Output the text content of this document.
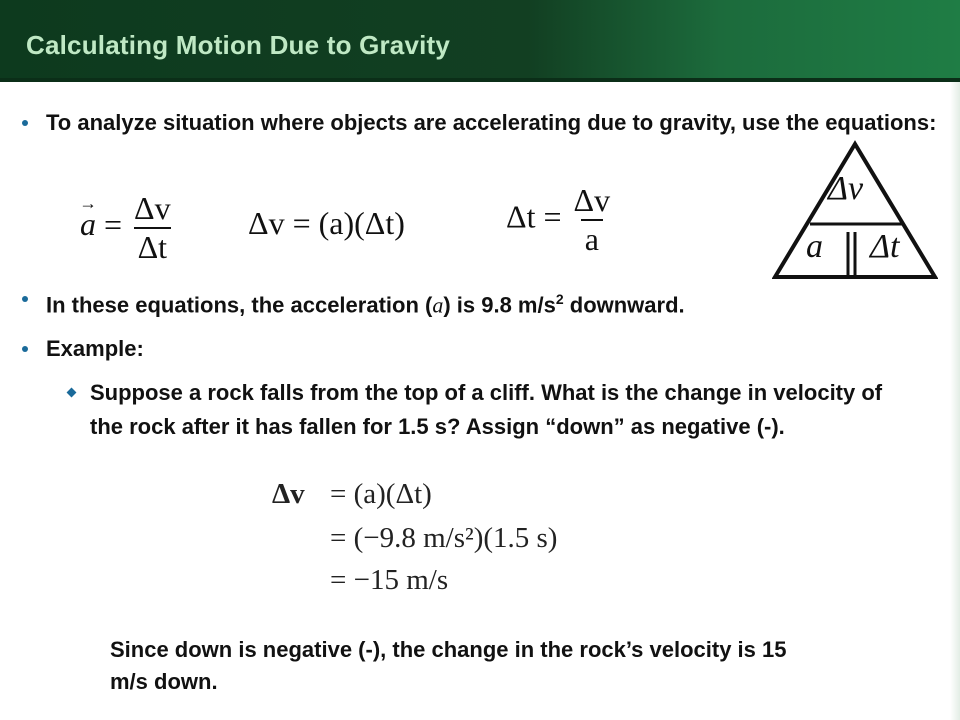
Calculating Motion Due to Gravity
To analyze situation where objects are accelerating due to gravity, use the equations:
→ $a = \frac{\Delta v}{\Delta t}$ Δv = (a)(Δt)	$\Delta t = \frac{\Delta v}{a}$	Δv
a Δt
In these equations, the acceleration (a) is 9.8 $m/s^2$ downward.
Example:
Suppose a rock falls from the top of a cliff. What is the change in velocity of the rock after it has fallen for 1.5 s? Assign “down” as negative (-).
Δv = (a)(Δt)
= (−9.8 m/s²)(1.5 s)
= −15 m/s
Since down is negative (-), the change in the rock’s velocity is 15 m/s down.
